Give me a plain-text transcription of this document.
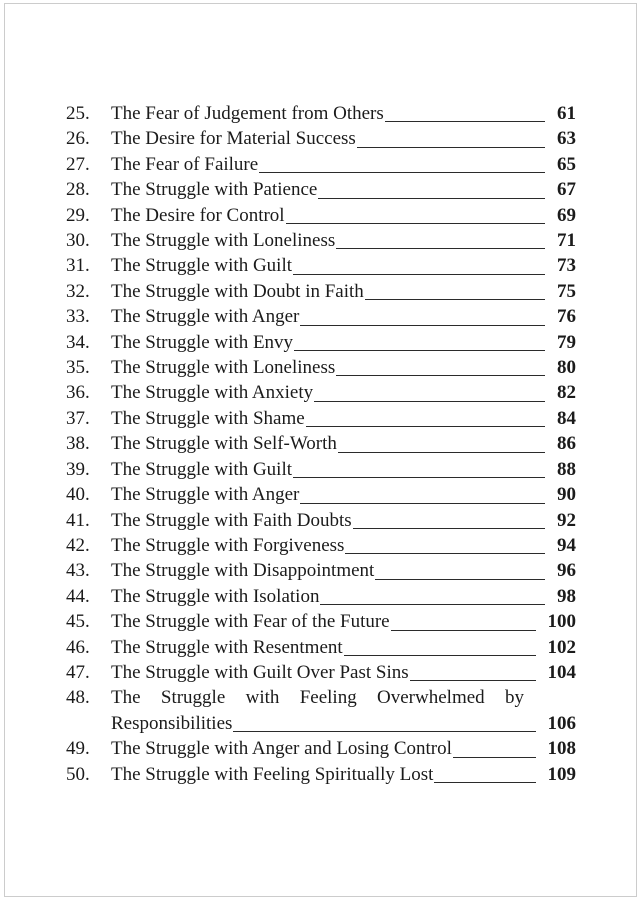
25.	The Fear of Judgement from Others	61
26.	The Desire for Material Success	63
27.	The Fear of Failure	65
28.	The Struggle with Patience	67
29.	The Desire for Control	69
30.	The Struggle with Loneliness	71
31.	The Struggle with Guilt	73
32.	The Struggle with Doubt in Faith	75
33.	The Struggle with Anger	76
34.	The Struggle with Envy	79
35.	The Struggle with Loneliness	80
36.	The Struggle with Anxiety	82
37.	The Struggle with Shame	84
38.	The Struggle with Self-Worth	86
39.	The Struggle with Guilt	88
40.	The Struggle with Anger	90
41.	The Struggle with Faith Doubts	92
42.	The Struggle with Forgiveness	94
43.	The Struggle with Disappointment	96
44.	The Struggle with Isolation	98
45.	The Struggle with Fear of the Future	100
46.	The Struggle with Resentment	102
47.	The Struggle with Guilt Over Past Sins	104
48.	The Struggle with Feeling Overwhelmed by
Responsibilities	106
49.	The Struggle with Anger and Losing Control	108
50.	The Struggle with Feeling Spiritually Lost	109
